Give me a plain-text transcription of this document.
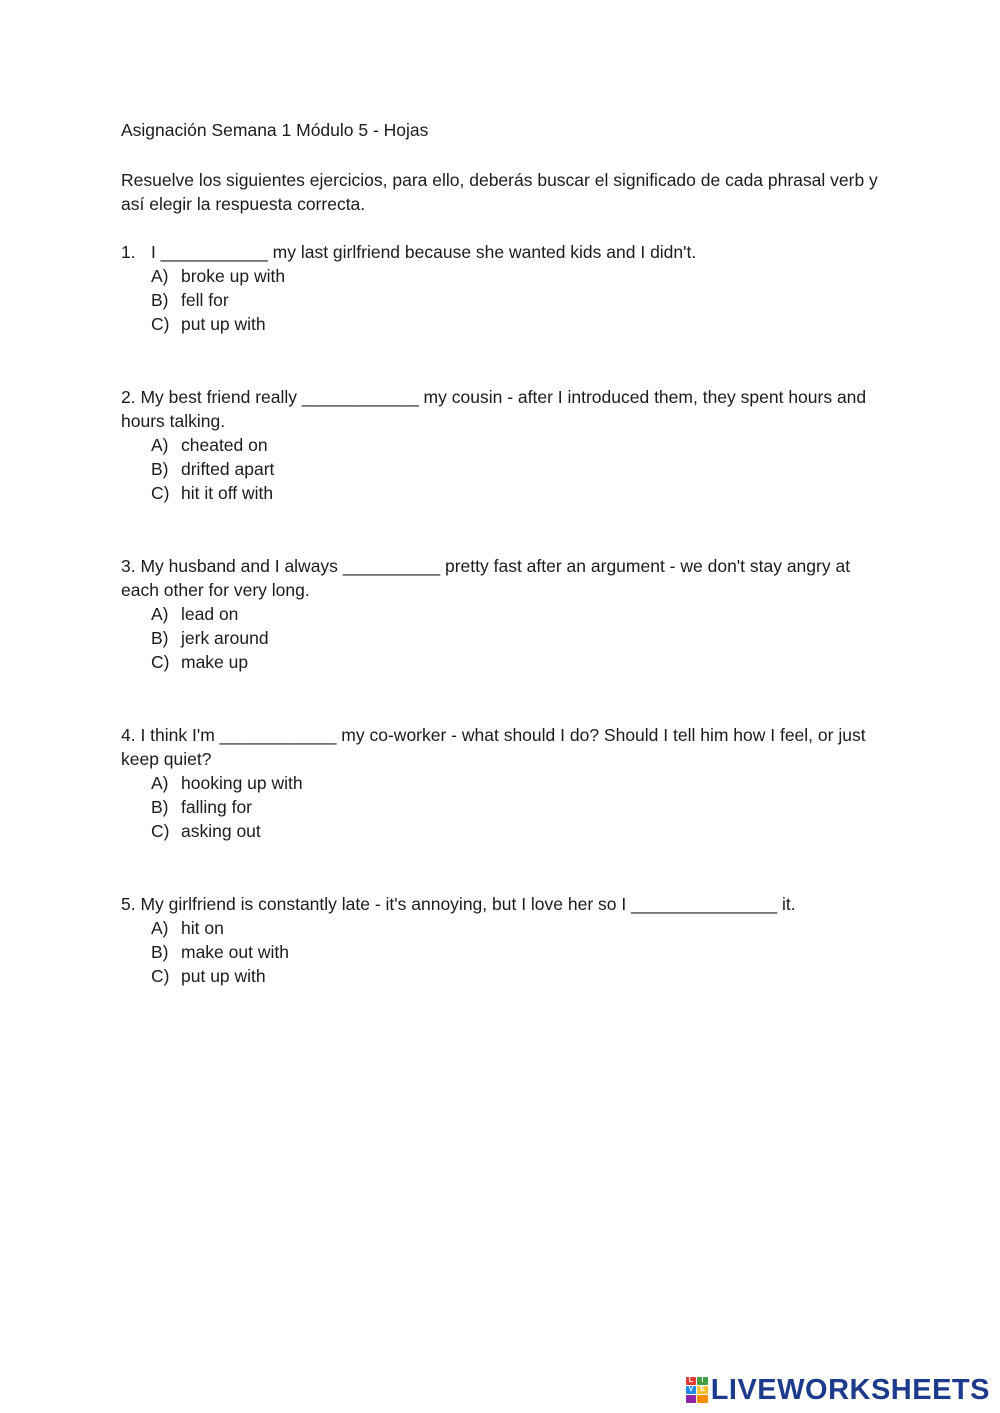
Asignación Semana 1 Módulo 5 - Hojas

Resuelve los siguientes ejercicios, para ello, deberás buscar el significado de cada phrasal verb y así elegir la respuesta correcta.

1. I ___________ my last girlfriend because she wanted kids and I didn't.

A) broke up with
B) fell for
C) put up with

2. My best friend really ____________ my cousin - after I introduced them, they spent hours and hours talking.

A) cheated on
B) drifted apart
C) hit it off with

3. My husband and I always __________ pretty fast after an argument - we don't stay angry at each other for very long.

A) lead on
B) jerk around
C) make up

4. I think I'm ____________ my co-worker - what should I do? Should I tell him how I feel, or just keep quiet?

A) hooking up with
B) falling for
C) asking out

5. My girlfriend is constantly late - it's annoying, but I love her so I _______________ it.

A) hit on
B) make out with
C) put up with
L	I
V E LIVEWORKSHEETS
